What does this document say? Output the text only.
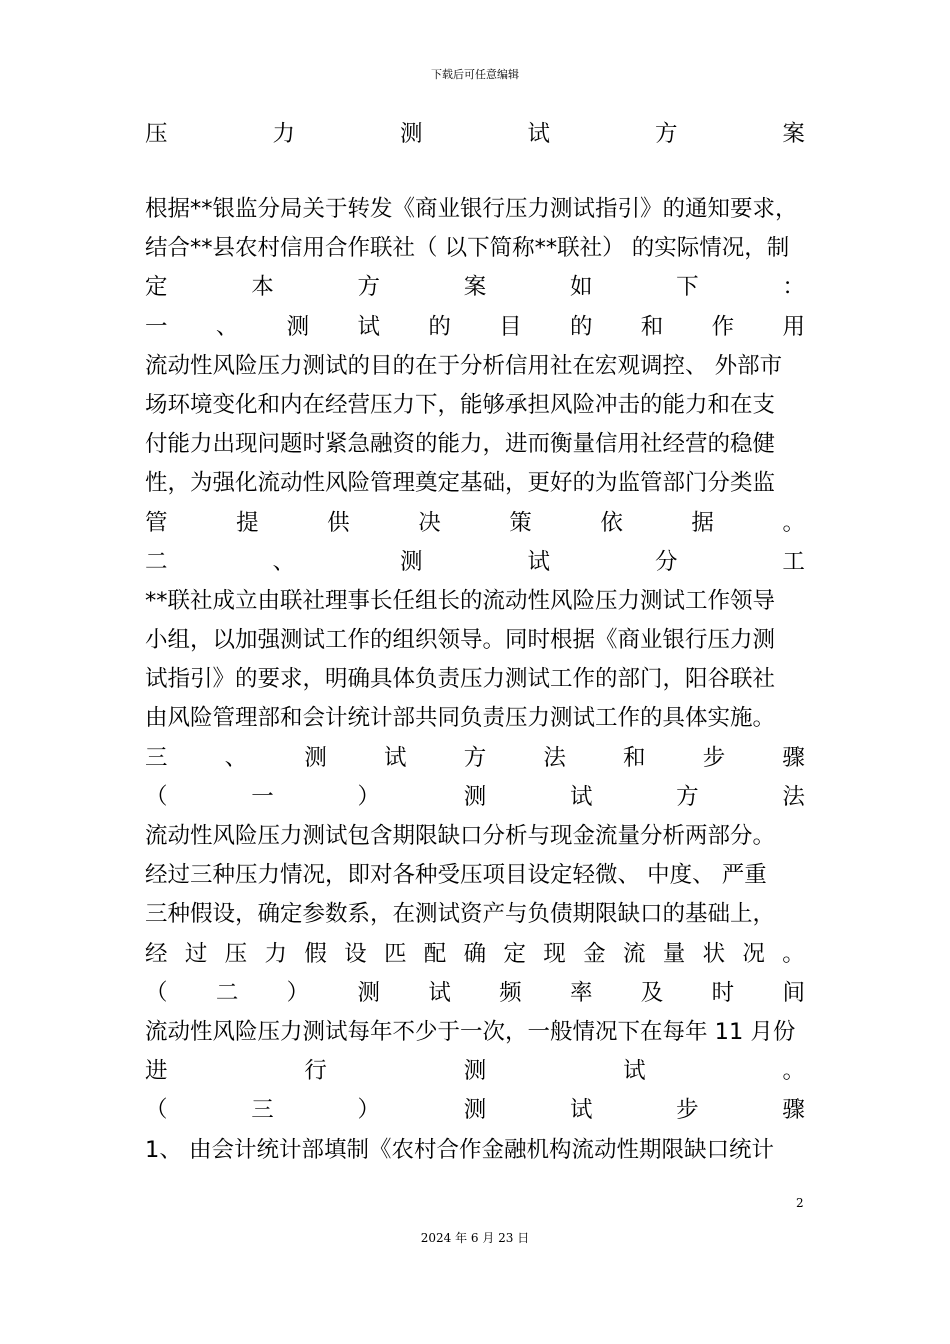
下载后可任意编辑
压	力	测	试	方	案
根据**银监分局关于转发《商业银行压力测试指引》的通知要求，
结合**县农村信用合作联社（ 以下简称**联社） 的实际情况，制
定	本	方	案	如	下	：
一 、 测 试 的 目 的 和 作 用
流动性风险压力测试的目的在于分析信用社在宏观调控、 外部市
场环境变化和内在经营压力下，能够承担风险冲击的能力和在支
付能力出现问题时紧急融资的能力，进而衡量信用社经营的稳健
性，为强化流动性风险管理奠定基础，更好的为监管部门分类监
管	提	供	决	策	依	据	。
二	、	测	试	分	工
**联社成立由联社理事长任组长的流动性风险压力测试工作领导
小组，以加强测试工作的组织领导。同时根据《商业银行压力测
试指引》的要求，明确具体负责压力测试工作的部门，阳谷联社
由风险管理部和会计统计部共同负责压力测试工作的具体实施。
三	、	测	试	方	法	和	步	骤
（	一	）	测	试	方	法
流动性风险压力测试包含期限缺口分析与现金流量分析两部分。
经过三种压力情况，即对各种受压项目设定轻微、 中度、 严重
三种假设，确定参数系，在测试资产与负债期限缺口的基础上，
经 过 压 力 假 设 匹 配 确 定 现 金 流 量 状 况 。
（ 二 ） 测 试 频 率 及 时 间
流动性风险压力测试每年不少于一次，一般情况下在每年 11 月份
进	行	测	试	。
（	三	）	测	试	步	骤
1、 由会计统计部填制《农村合作金融机构流动性期限缺口统计
2
2024 年 6 月 23 日
